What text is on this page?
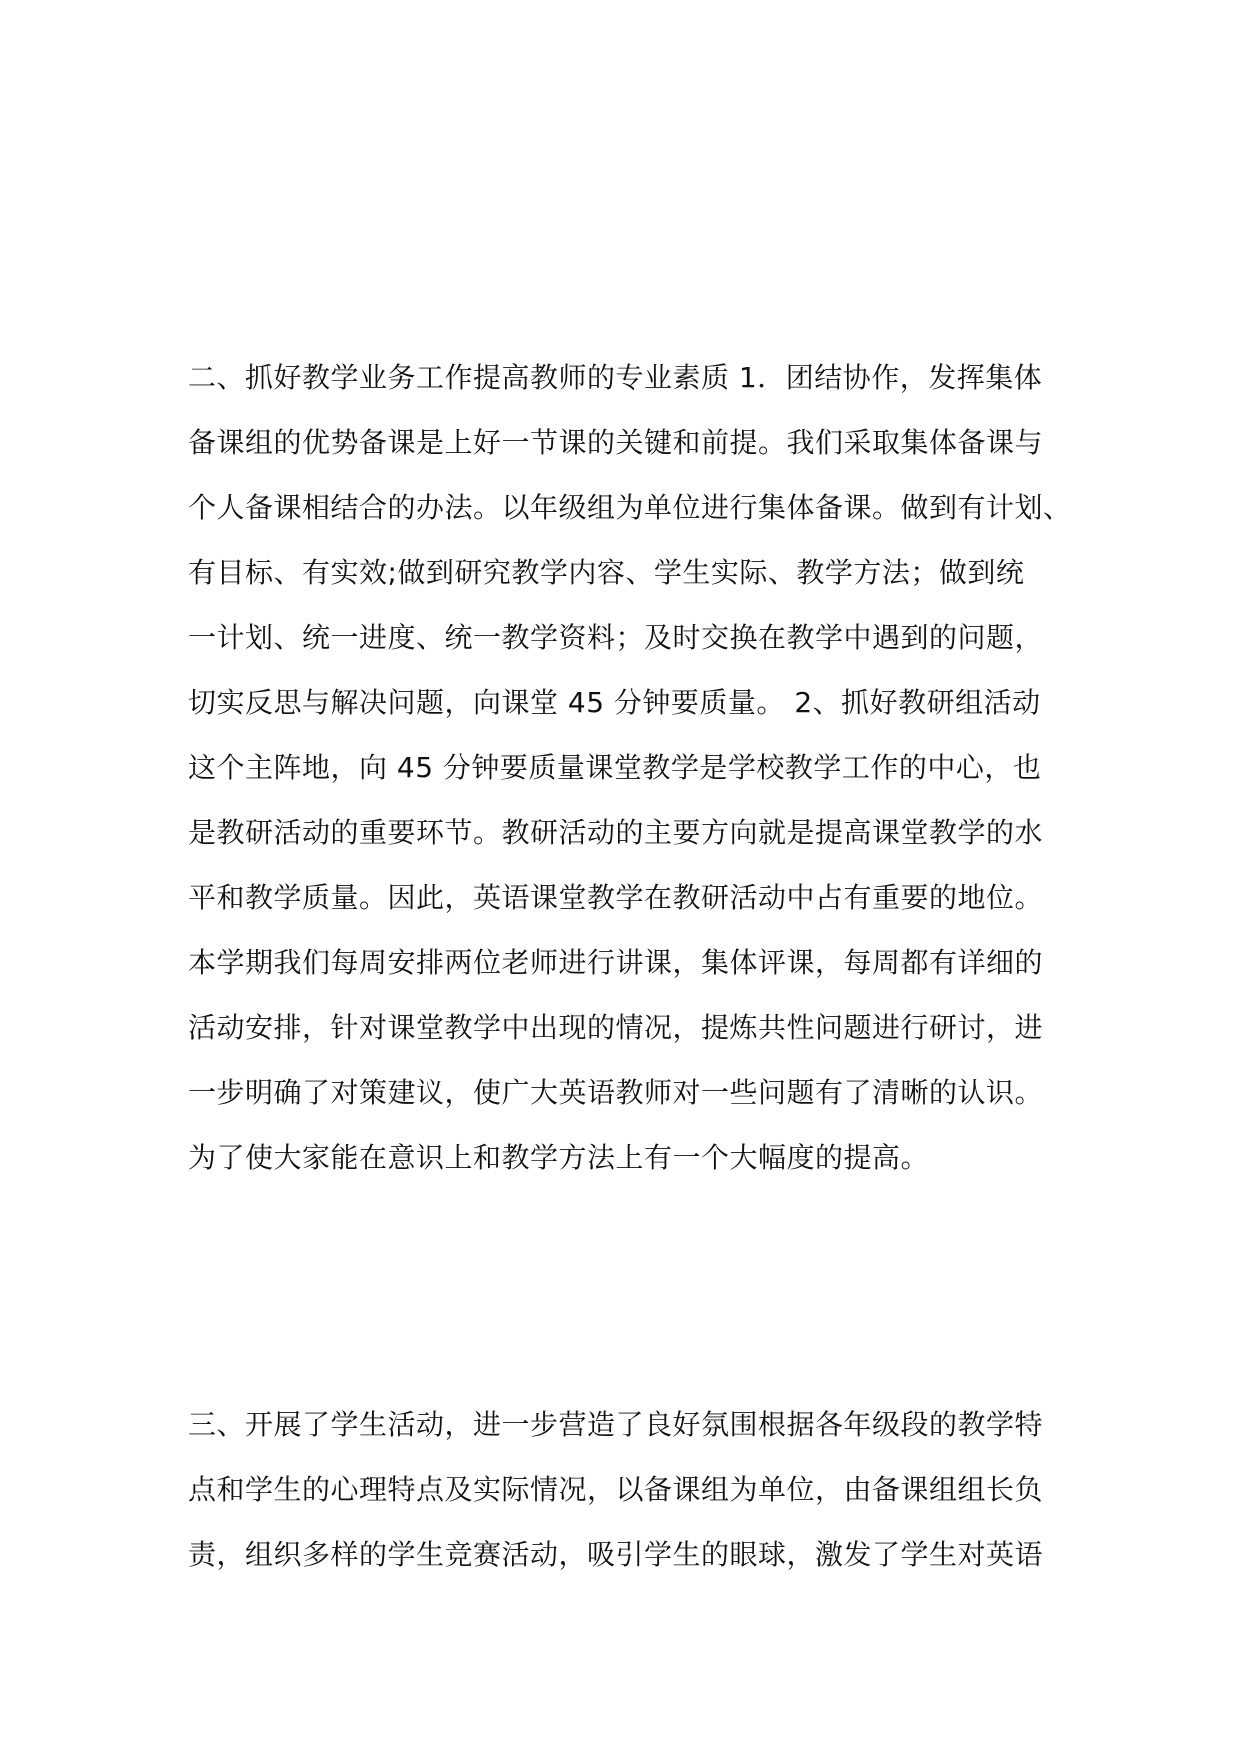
二、抓好教学业务工作提高教师的专业素质 1．团结协作，发挥集体
备课组的优势备课是上好一节课的关键和前提。我们采取集体备课与
个人备课相结合的办法。以年级组为单位进行集体备课。做到有计划、
有目标、有实效;做到研究教学内容、学生实际、教学方法；做到统
一计划、统一进度、统一教学资料；及时交换在教学中遇到的问题，
切实反思与解决问题，向课堂 45 分钟要质量。 2、抓好教研组活动
这个主阵地，向 45 分钟要质量课堂教学是学校教学工作的中心，也
是教研活动的重要环节。教研活动的主要方向就是提高课堂教学的水
平和教学质量。因此，英语课堂教学在教研活动中占有重要的地位。
本学期我们每周安排两位老师进行讲课，集体评课，每周都有详细的
活动安排，针对课堂教学中出现的情况，提炼共性问题进行研讨，进
一步明确了对策建议，使广大英语教师对一些问题有了清晰的认识。
为了使大家能在意识上和教学方法上有一个大幅度的提高。
三、开展了学生活动，进一步营造了良好氛围根据各年级段的教学特
点和学生的心理特点及实际情况，以备课组为单位，由备课组组长负
责，组织多样的学生竞赛活动，吸引学生的眼球，激发了学生对英语
